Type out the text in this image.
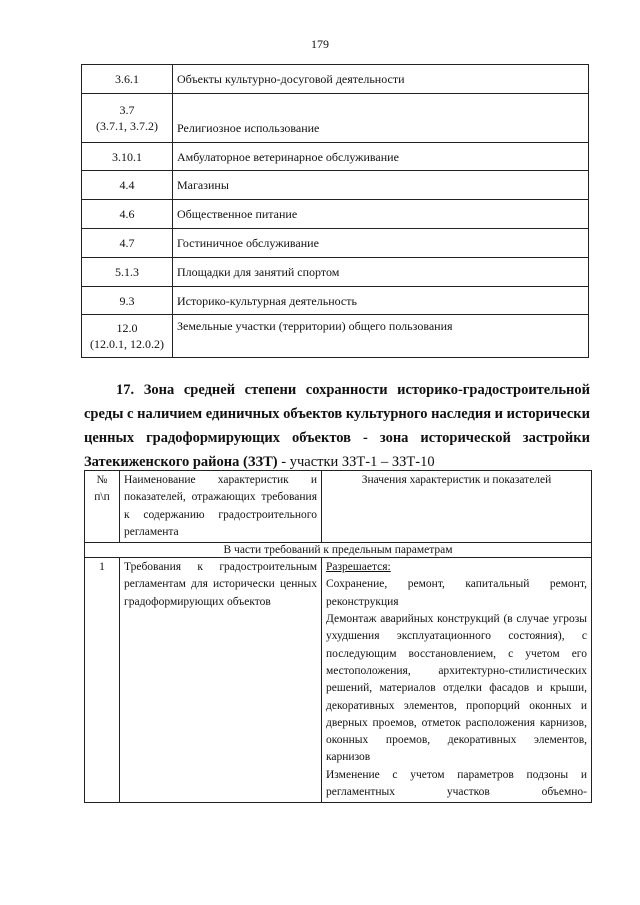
179
3.6.1	Объекты культурно-досуговой деятельности

3.7
(3.7.1, 3.7.2)	Религиозное использование
3.10.1	Амбулаторное ветеринарное обслуживание
4.4	Магазины
4.6	Общественное питание
4.7	Гостиничное обслуживание
5.1.3	Площадки для занятий спортом
9.3	Историко-культурная деятельность

12.0
(12.0.1, 12.0.2)	Земельные участки (территории) общего пользования
17. Зона средней степени сохранности историко-градостроительной среды с наличием единичных объектов культурного наследия и исторически ценных градоформирующих объектов - зона исторической застройки Затекиженского района (ЗЗТ) - участки ЗЗТ-1 – ЗЗТ-10
№ п\п	Наименование характеристик и показателей, отражающих требования к содержанию градостроительного регламента	Значения характеристик и показателей
В части требований к предельным параметрам		
1	Требования к градостроительным регламентам для исторически ценных градоформирующих объектов	Разрешается:
Сохранение, ремонт, капитальный ремонт, реконструкция
Демонтаж аварийных конструкций (в случае угрозы ухудшения эксплуатационного состояния), с последующим восстановлением, с учетом его местоположения, архитектурно-стилистических решений, материалов отделки фасадов и крыши, декоративных элементов, пропорций оконных и дверных проемов, отметок расположения карнизов, оконных проемов, декоративных элементов, карнизов
Изменение с учетом параметров подзоны и регламентных участков объемно-
